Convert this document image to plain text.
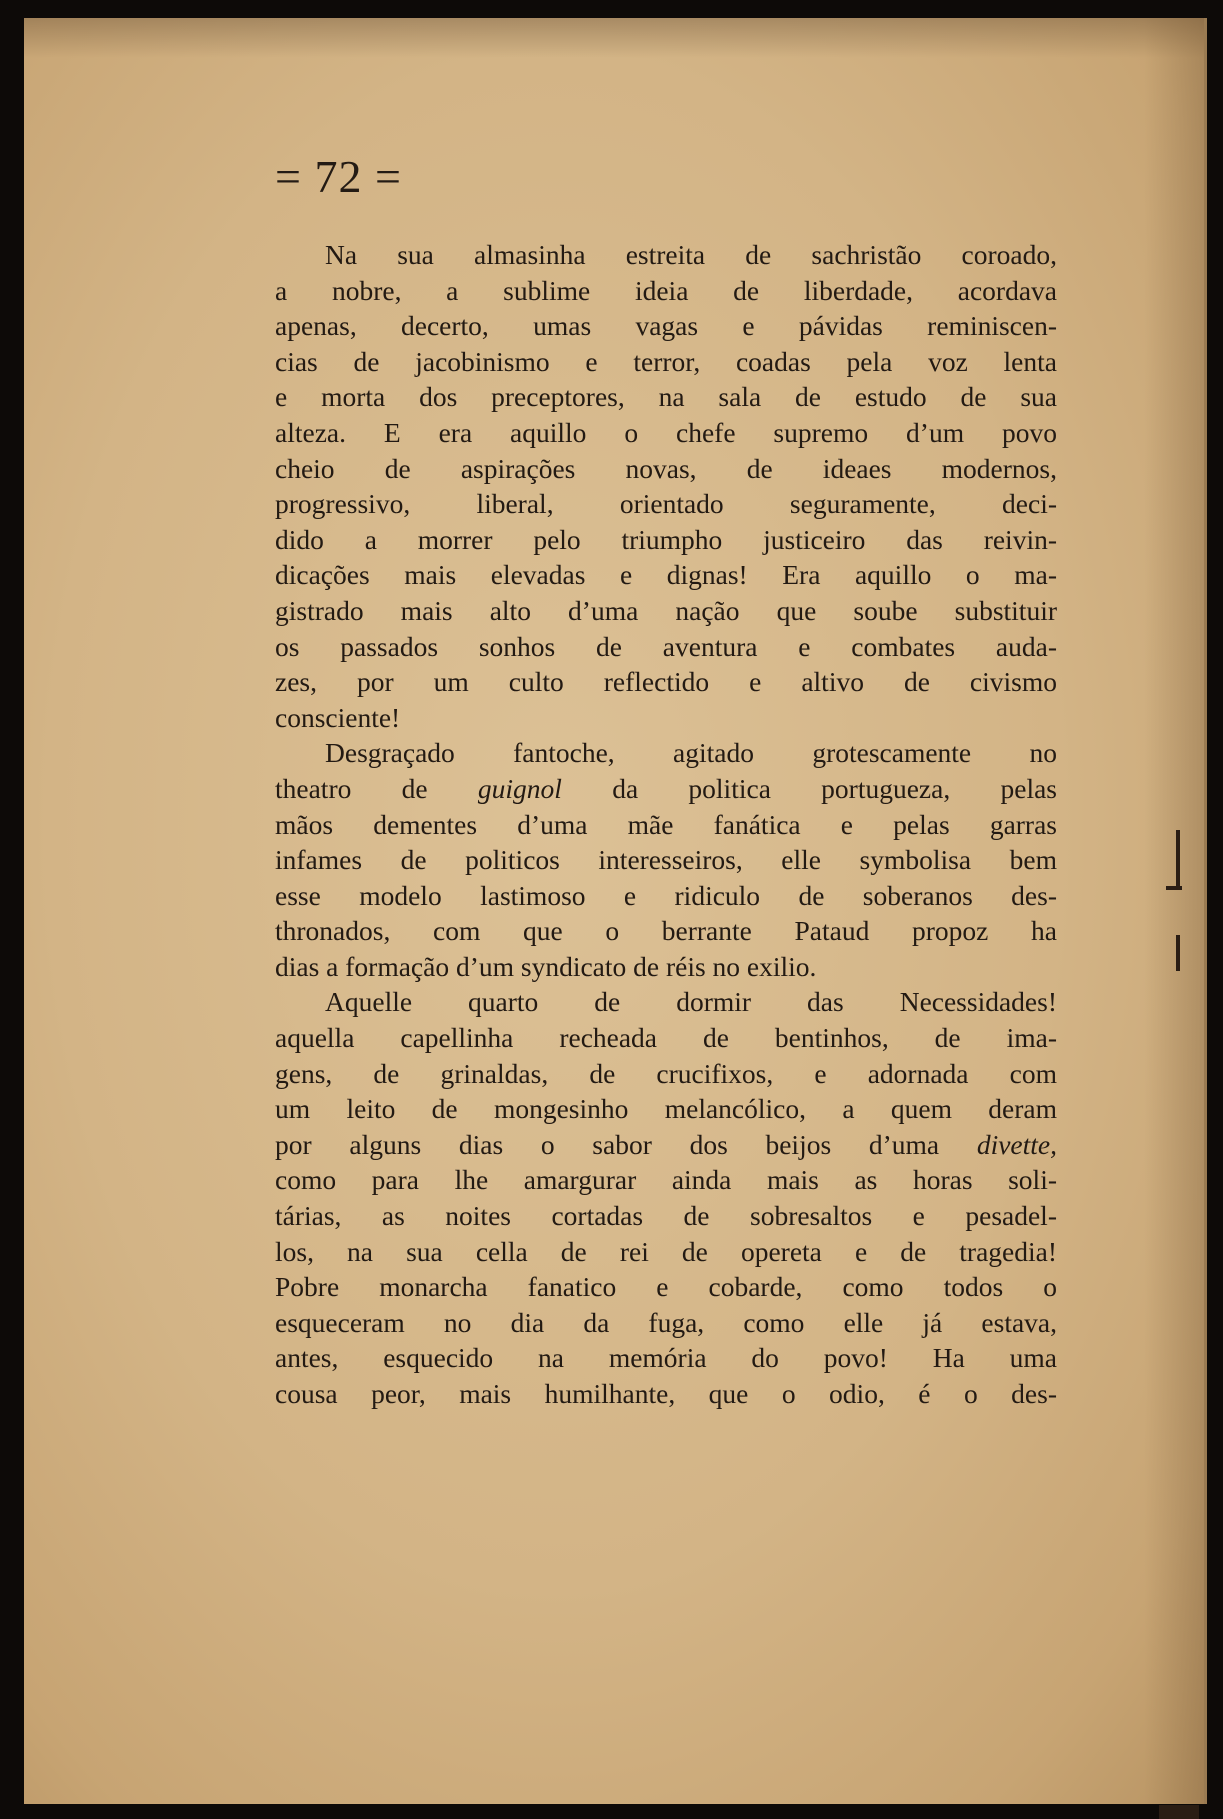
= 72 =
Na sua almasinha estreita de sachristão coroado,
a nobre, a sublime ideia de liberdade, acordava
apenas, decerto, umas vagas e pávidas reminiscen-
cias de jacobinismo e terror, coadas pela voz lenta
e morta dos preceptores, na sala de estudo de sua
alteza. E era aquillo o chefe supremo d’um povo
cheio de aspirações novas, de ideaes modernos,
progressivo, liberal, orientado seguramente, deci-
dido a morrer pelo triumpho justiceiro das reivin-
dicações mais elevadas e dignas! Era aquillo o ma-
gistrado mais alto d’uma nação que soube substituir
os passados sonhos de aventura e combates auda-
zes, por um culto reflectido e altivo de civismo
consciente!
Desgraçado fantoche, agitado grotescamente no
theatro de guignol da politica portugueza, pelas
mãos dementes d’uma mãe fanática e pelas garras
infames de politicos interesseiros, elle symbolisa bem
esse modelo lastimoso e ridiculo de soberanos des-
thronados, com que o berrante Pataud propoz ha
dias a formação d’um syndicato de réis no exilio.
Aquelle quarto de dormir das Necessidades!
aquella capellinha recheada de bentinhos, de ima-
gens, de grinaldas, de crucifixos, e adornada com
um leito de mongesinho melancólico, a quem deram
por alguns dias o sabor dos beijos d’uma divette,
como para lhe amargurar ainda mais as horas soli-
tárias, as noites cortadas de sobresaltos e pesadel-
los, na sua cella de rei de opereta e de tragedia!
Pobre monarcha fanatico e cobarde, como todos o
esqueceram no dia da fuga, como elle já estava,
antes, esquecido na memória do povo! Ha uma
cousa peor, mais humilhante, que o odio, é o des-
